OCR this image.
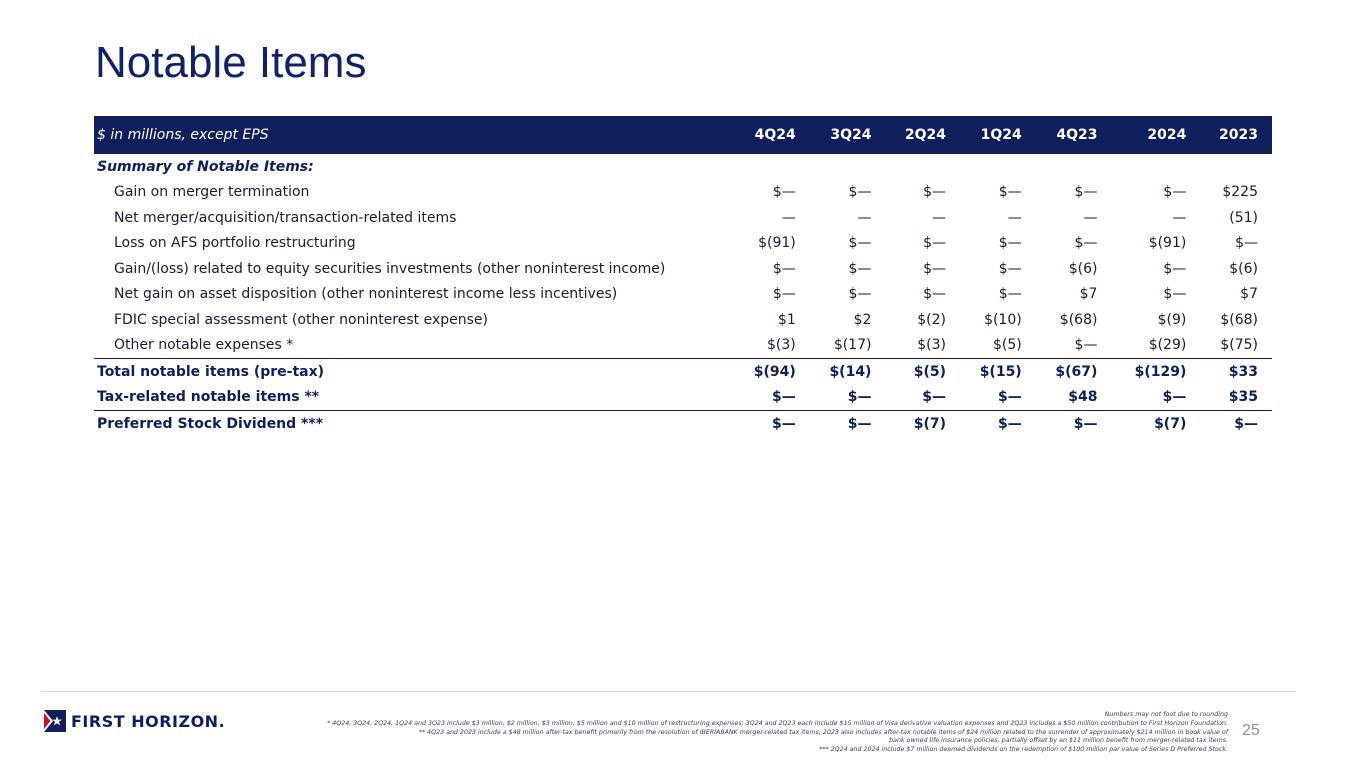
Notable Items
$ in millions, except EPS	4Q24	3Q24	2Q24	1Q24	4Q23	2024	2023
Summary of Notable Items:							
Gain on merger termination	$—	$—	$—	$—	$—	$—	$225
Net merger/acquisition/transaction-related items	—	—	—	—	—	—	(51)
Loss on AFS portfolio restructuring	$(91)	$—	$—	$—	$—	$(91)	$—
Gain/(loss) related to equity securities investments (other noninterest income)	$—	$—	$—	$—	$(6)	$—	$(6)
Net gain on asset disposition (other noninterest income less incentives)	$—	$—	$—	$—	$7	$—	$7
FDIC special assessment (other noninterest expense)	$1	$2	$(2)	$(10)	$(68)	$(9)	$(68)
Other notable expenses *	$(3)	$(17)	$(3)	$(5)	$—	$(29)	$(75)
Total notable items (pre-tax)	$(94)	$(14)	$(5)	$(15)	$(67)	$(129)	$33
Tax-related notable items **	$—	$—	$—	$—	$48	$—	$35
Preferred Stock Dividend ***	$—	$—	$(7)	$—	$—	$(7)	$—
FIRST HORIZON.	Numbers may not foot due to rounding
* 4Q24, 3Q24, 2Q24, 1Q24 and 3Q23 include $3 million, $2 million, $3 million, $5 million and $10 million of restructuring expenses; 3Q24 and 2Q23 each include $15 million of Visa derivative valuation expenses and 2Q23 includes a $50 million contribution to First Horizon Foundation.
** 4Q23 and 2023 include a $48 million after-tax benefit primarily from the resolution of IBERIABANK merger-related tax items; 2023 also includes after-tax notable items of $24 million related to the surrender of approximately $214 million in book value of
bank owned life insurance policies, partially offset by an $11 million benefit from merger-related tax items.
*** 2Q24 and 2024 include $7 million deemed dividends on the redemption of $100 million par value of Series D Preferred Stock.
25
